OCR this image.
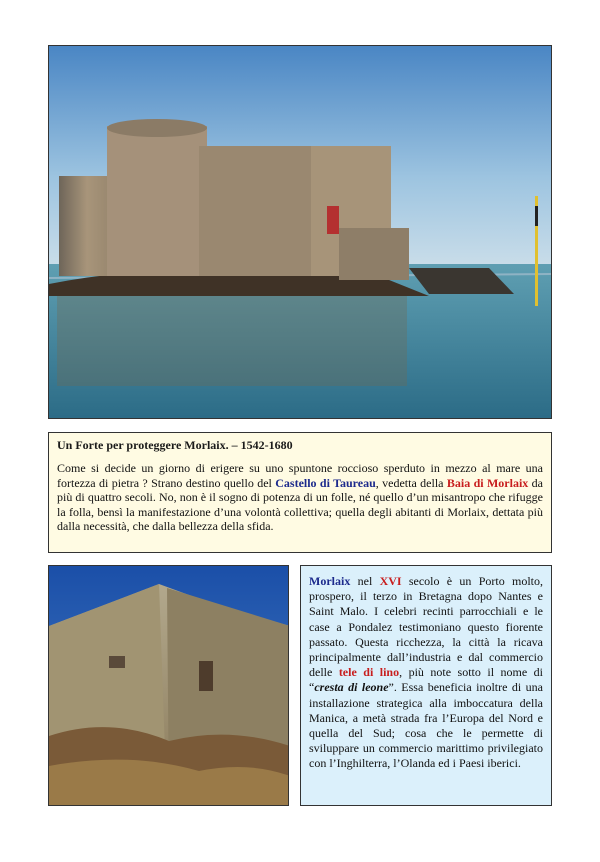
Un Forte per proteggere Morlaix. – 1542-1680
Come si decide un giorno di erigere su uno spuntone roccioso sperduto in mezzo al mare una fortezza di pietra ? Strano destino quello del Castello di Taureau, vedetta della Baia di Morlaix da più di quattro secoli. No, non è il sogno di potenza di un folle, né quello d’un misantropo che rifugge la folla, bensì la manifestazione d’una volontà collettiva; quella degli abitanti di Morlaix, dettata più dalla necessità, che dalla bellezza della sfida.
Morlaix nel XVI secolo è un Porto molto, prospero, il terzo in Bretagna dopo Nantes e Saint Malo. I celebri recinti parrocchiali e le case a Pondalez testimoniano questo fiorente passato. Questa ricchezza, la città la ricava principalmente dall’industria e dal commercio delle tele di lino, più note sotto il nome di “cresta di leone”. Essa beneficia inoltre di una installazione strategica alla imboccatura della Manica, a metà strada fra l’Europa del Nord e quella del Sud; cosa che le permette di sviluppare un commercio marittimo privilegiato con l’Inghilterra, l’Olanda ed i Paesi iberici.
